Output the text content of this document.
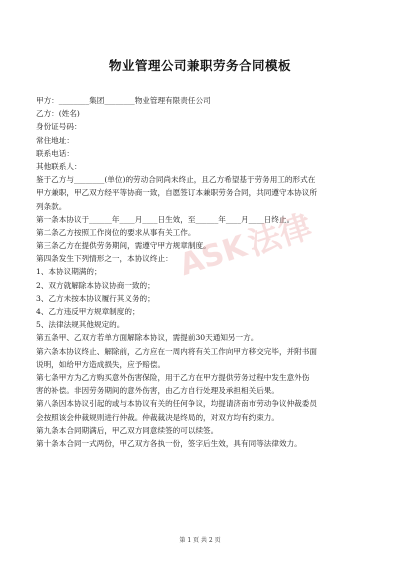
物业管理公司兼职劳务合同模板
甲方：________集团________物业管理有限责任公司
乙方：(姓名)
身份证号码：
常住地址：
联系电话：
其他联系人：
鉴于乙方与________(单位)的劳动合同尚未终止，且乙方希望基于劳务用工的形式在
甲方兼职，甲乙双方经平等协商一致，自愿签订本兼职劳务合同，共同遵守本协议所
列条款。
第一条本协议于______年____月____日生效，至______年____月____日终止。
第二条乙方按照工作岗位的要求从事有关工作。
第三条乙方在提供劳务期间，需遵守甲方规章制度。
第四条发生下列情形之一，本协议终止：
1、本协议期满的；
2、双方就解除本协议协商一致的；
3、乙方未按本协议履行其义务的；
4、乙方违反甲方规章制度的；
5、法律法规其他规定的。
第五条甲、乙双方若单方面解除本协议，需提前30天通知另一方。
第六条本协议终止、解除前，乙方应在一周内将有关工作向甲方移交完毕，并附书面
说明，如给甲方造成损失，应予赔偿。
第七条甲方为乙方购买意外伤害保险，用于乙方在甲方提供劳务过程中发生意外伤
害的补偿。非因劳务期间的意外伤害，由乙方自行处理及承担相关后果。
第八条因本协议引起的或与本协议有关的任何争议，均提请济南市劳动争议仲裁委员
会按照该会仲裁规则进行仲裁。仲裁裁决是终局的，对双方均有约束力。
第九条本合同期满后，甲乙双方同意续签的可以续签。
第十条本合同一式两份，甲乙双方各执一份，签字后生效，具有同等法律效力。
ASK
法律
第 1 页 共 2 页
